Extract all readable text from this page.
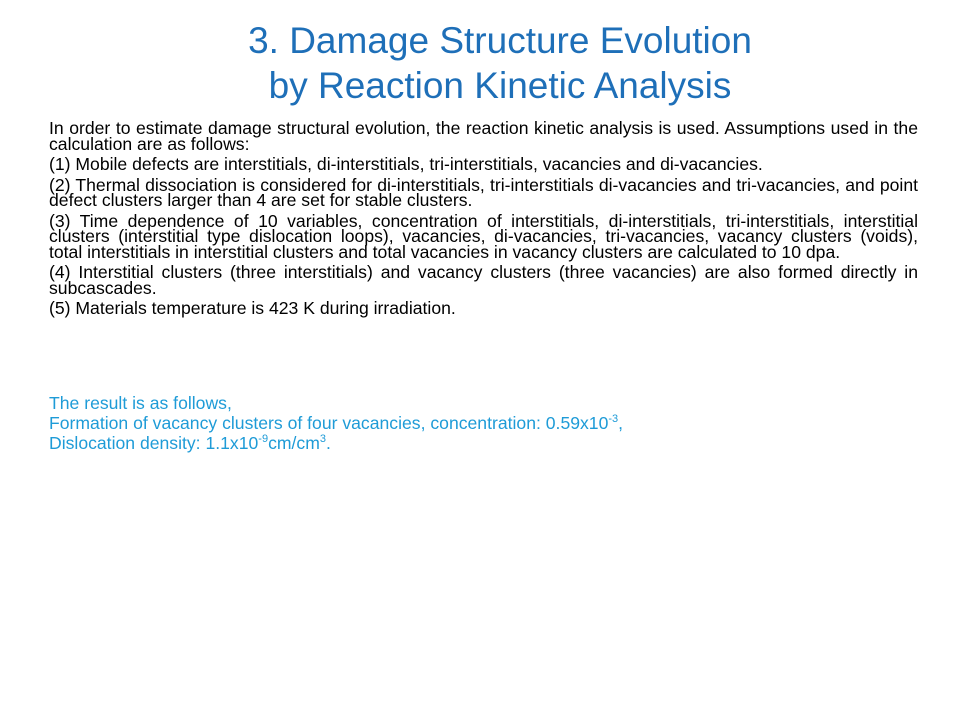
3. Damage Structure Evolution
by Reaction Kinetic Analysis

In order to estimate damage structural evolution, the reaction kinetic analysis is used. Assumptions used in the calculation are as follows:

(1) Mobile defects are interstitials, di-interstitials, tri-interstitials, vacancies and di-vacancies.

(2) Thermal dissociation is considered for di-interstitials, tri-interstitials di-vacancies and tri-vacancies, and point defect clusters larger than 4 are set for stable clusters.

(3) Time dependence of 10 variables, concentration of interstitials, di-interstitials, tri-interstitials, interstitial clusters (interstitial type dislocation loops), vacancies, di-vacancies, tri-vacancies, vacancy clusters (voids), total interstitials in interstitial clusters and total vacancies in vacancy clusters are calculated to 10 dpa.

(4) Interstitial clusters (three interstitials) and vacancy clusters (three vacancies) are also formed directly in subcascades.

(5) Materials temperature is 423 K during irradiation.

The result is as follows,
Formation of vacancy clusters of four vacancies, concentration: $0.59x10^{-3}$,
Dislocation density: $1.1x10^{-9}cm/cm^3$.
